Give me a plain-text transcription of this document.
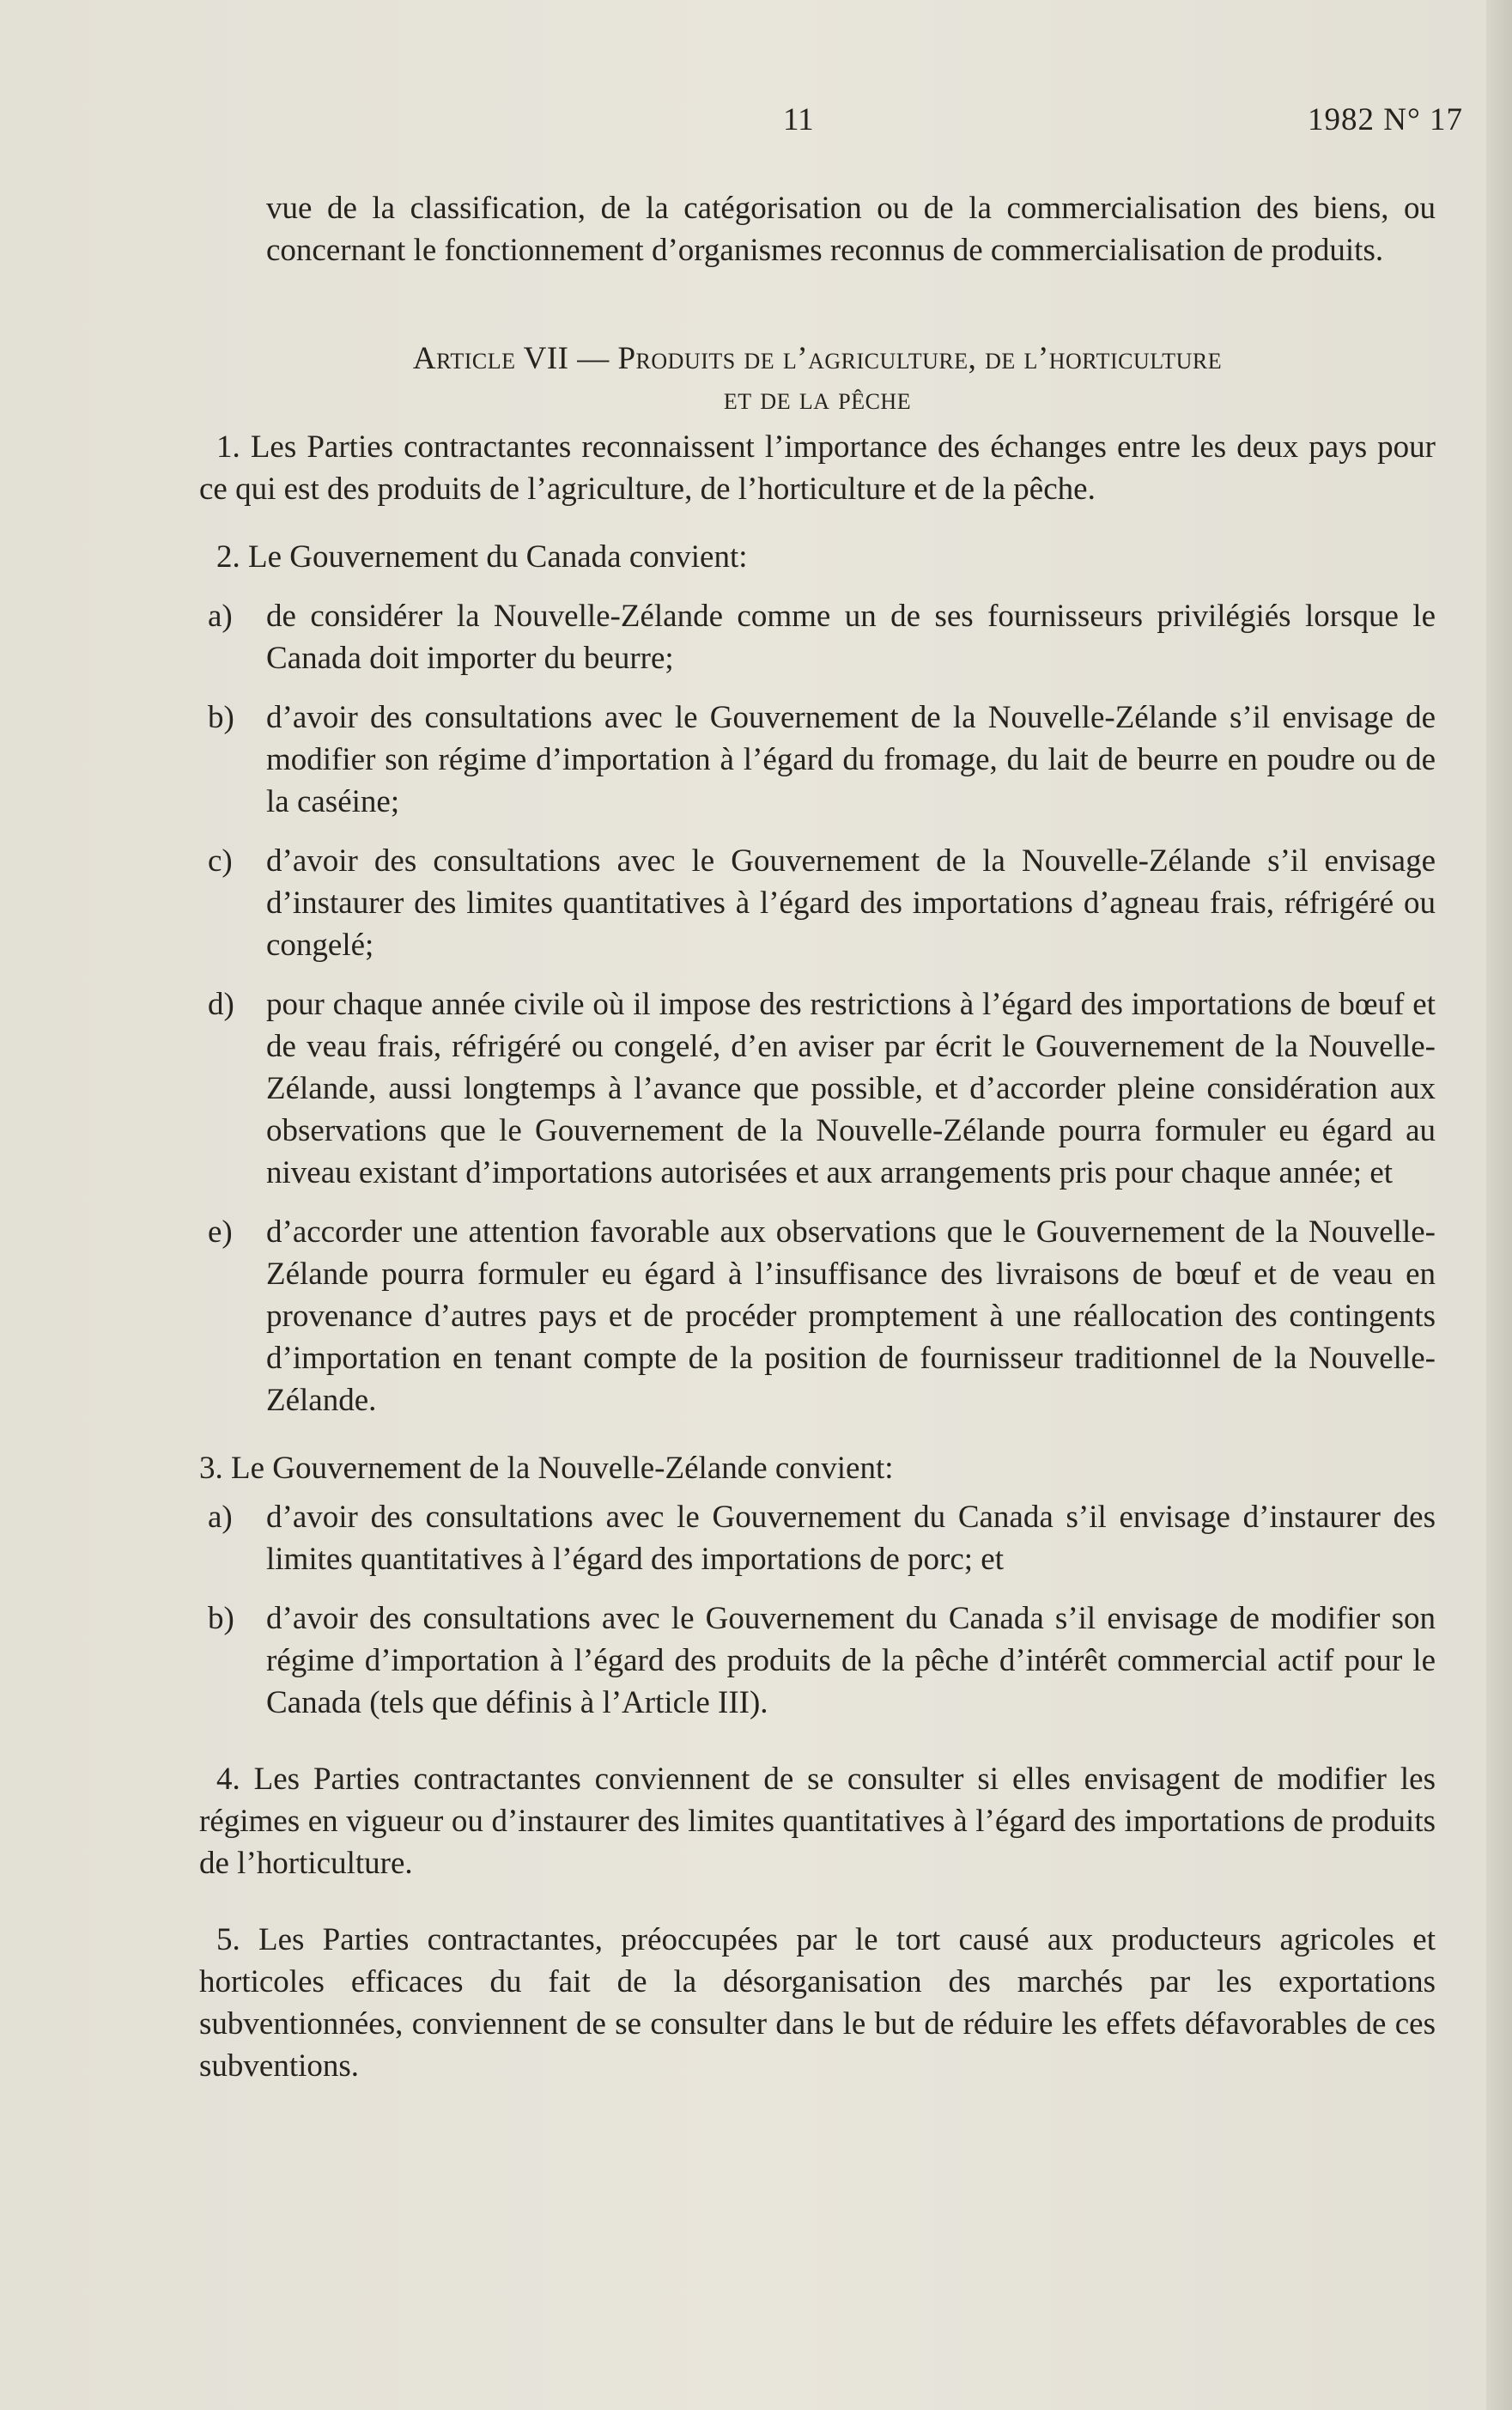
11	1982 N° 17

vue de la classification, de la catégorisation ou de la commercialisation des biens, ou concernant le fonctionnement d’organismes reconnus de commercialisation de produits.

Article VII — Produits de l’agriculture, de l’horticulture
et de la pêche

1. Les Parties contractantes reconnaissent l’importance des échanges entre les deux pays pour ce qui est des produits de l’agriculture, de l’horticulture et de la pêche.

2. Le Gouvernement du Canada convient:

a) de considérer la Nouvelle-Zélande comme un de ses fournisseurs privilégiés lorsque le Canada doit importer du beurre;
b) d’avoir des consultations avec le Gouvernement de la Nouvelle-Zélande s’il envisage de modifier son régime d’importation à l’égard du fromage, du lait de beurre en poudre ou de la caséine;
c) d’avoir des consultations avec le Gouvernement de la Nouvelle-Zélande s’il envisage d’instaurer des limites quantitatives à l’égard des importations d’agneau frais, réfrigéré ou congelé;
d) pour chaque année civile où il impose des restrictions à l’égard des importations de bœuf et de veau frais, réfrigéré ou congelé, d’en aviser par écrit le Gouvernement de la Nouvelle-Zélande, aussi longtemps à l’avance que possible, et d’accorder pleine considération aux observations que le Gouvernement de la Nouvelle-Zélande pourra formuler eu égard au niveau existant d’importations autorisées et aux arrangements pris pour chaque année; et
e) d’accorder une attention favorable aux observations que le Gouvernement de la Nouvelle-Zélande pourra formuler eu égard à l’insuffisance des livraisons de bœuf et de veau en provenance d’autres pays et de procéder promptement à une réallocation des contingents d’importation en tenant compte de la position de fournisseur traditionnel de la Nouvelle-Zélande.

3. Le Gouvernement de la Nouvelle-Zélande convient:

a) d’avoir des consultations avec le Gouvernement du Canada s’il envisage d’instaurer des limites quantitatives à l’égard des importations de porc; et
b) d’avoir des consultations avec le Gouvernement du Canada s’il envisage de modifier son régime d’importation à l’égard des produits de la pêche d’intérêt commercial actif pour le Canada (tels que définis à l’Article III).

4. Les Parties contractantes conviennent de se consulter si elles envisagent de modifier les régimes en vigueur ou d’instaurer des limites quantitatives à l’égard des importations de produits de l’horticulture.

5. Les Parties contractantes, préoccupées par le tort causé aux producteurs agricoles et horticoles efficaces du fait de la désorganisation des marchés par les exportations subventionnées, conviennent de se consulter dans le but de réduire les effets défavorables de ces subventions.
